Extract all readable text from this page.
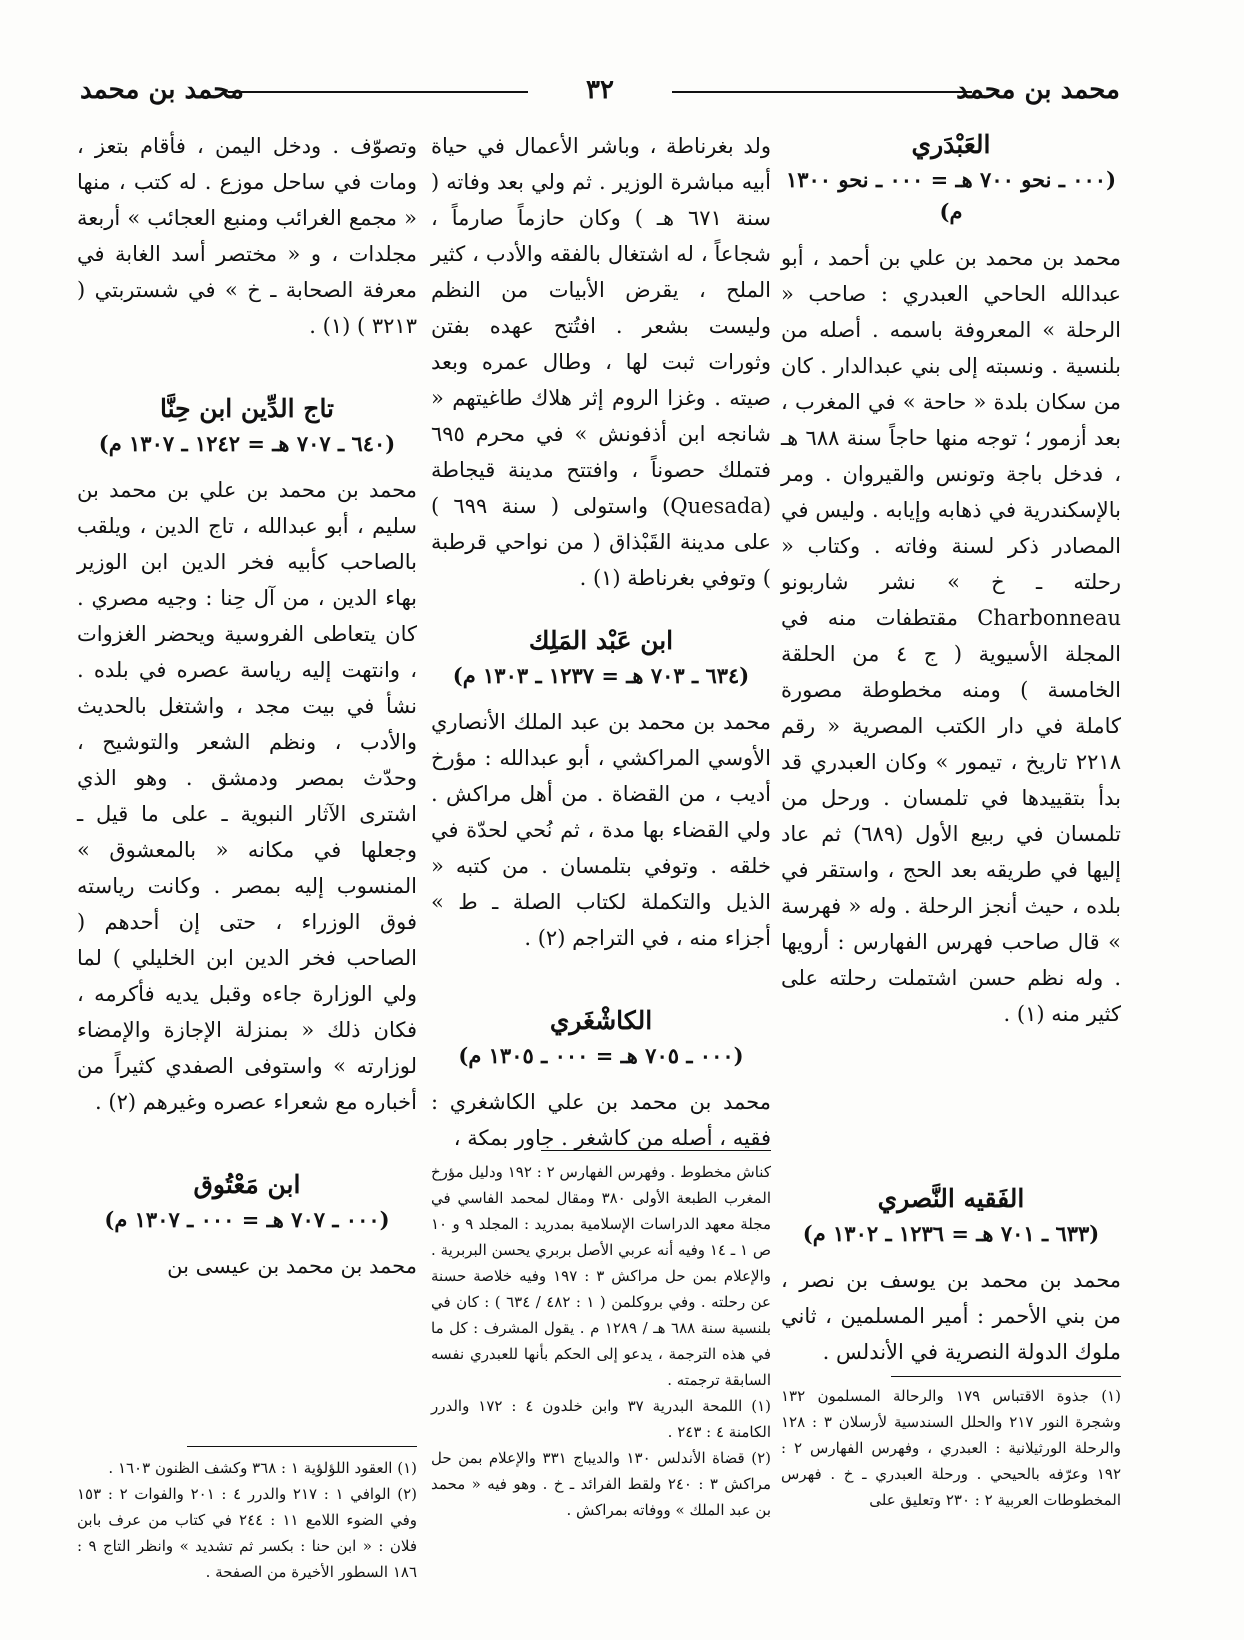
محمد بن محمد
٣٢
محمد بن محمد
العَبْدَري

(٠٠٠ ـ نحو ٧٠٠ هـ = ٠٠٠ ـ نحو ١٣٠٠ م)

محمد بن محمد بن علي بن أحمد ، أبو عبدالله الحاحي العبدري : صاحب « الرحلة » المعروفة باسمه . أصله من بلنسية . ونسبته إلى بني عبدالدار . كان من سكان بلدة « حاحة » في المغرب ، بعد أزمور ؛ توجه منها حاجاً سنة ٦٨٨ هـ ، فدخل باجة وتونس والقيروان . ومر بالإسكندرية في ذهابه وإيابه . وليس في المصادر ذكر لسنة وفاته . وكتاب « رحلته ـ خ » نشر شاربونو Charbonneau مقتطفات منه في المجلة الأسيوية ( ج ٤ من الحلقة الخامسة ) ومنه مخطوطة مصورة كاملة في دار الكتب المصرية « رقم ٢٢١٨ تاريخ ، تيمور » وكان العبدري قد بدأ بتقييدها في تلمسان . ورحل من تلمسان في ربيع الأول (٦٨٩) ثم عاد إليها في طريقه بعد الحج ، واستقر في بلده ، حيث أنجز الرحلة . وله « فهرسة » قال صاحب فهرس الفهارس : أرويها . وله نظم حسن اشتملت رحلته على كثير منه (١) .

الفَقيه النَّصري

(٦٣٣ ـ ٧٠١ هـ = ١٢٣٦ ـ ١٣٠٢ م)

محمد بن محمد بن يوسف بن نصر ، من بني الأحمر : أمير المسلمين ، ثاني ملوك الدولة النصرية في الأندلس .

(١) جذوة الاقتباس ١٧٩ والرحالة المسلمون ١٣٢ وشجرة النور ٢١٧ والحلل السندسية لأرسلان ٣ : ١٢٨ والرحلة الورثيلانية : العبدري ، وفهرس الفهارس ٢ : ١٩٢ وعرّفه بالحيحي . ورحلة العبدري ـ خ . فهرس المخطوطات العربية ٢ : ٢٣٠ وتعليق على

ولد بغرناطة ، وباشر الأعمال في حياة أبيه مباشرة الوزير . ثم ولي بعد وفاته ( سنة ٦٧١ هـ ) وكان حازماً صارماً ، شجاعاً ، له اشتغال بالفقه والأدب ، كثير الملح ، يقرض الأبيات من النظم وليست بشعر . افتُتح عهده بفتن وثورات ثبت لها ، وطال عمره وبعد صيته . وغزا الروم إثر هلاك طاغيتهم « شانجه ابن أذفونش » في محرم ٦٩٥ فتملك حصوناً ، وافتتح مدينة قيجاطة (Quesada) واستولى ( سنة ٦٩٩ ) على مدينة القَبْذاق ( من نواحي قرطبة ) وتوفي بغرناطة (١) .

ابن عَبْد المَلِك

(٦٣٤ ـ ٧٠٣ هـ = ١٢٣٧ ـ ١٣٠٣ م)

محمد بن محمد بن عبد الملك الأنصاري الأوسي المراكشي ، أبو عبدالله : مؤرخ أديب ، من القضاة . من أهل مراكش . ولي القضاء بها مدة ، ثم نُحي لحدّة في خلقه . وتوفي بتلمسان . من كتبه « الذيل والتكملة لكتاب الصلة ـ ط » أجزاء منه ، في التراجم (٢) .

الكاشْغَري

(٠٠٠ ـ ٧٠٥ هـ = ٠٠٠ ـ ١٣٠٥ م)

محمد بن محمد بن علي الكاشغري : فقيه ، أصله من كاشغر . جاور بمكة ،

كناش مخطوط . وفهرس الفهارس ٢ : ١٩٢ ودليل مؤرخ المغرب الطبعة الأولى ٣٨٠ ومقال لمحمد الفاسي في مجلة معهد الدراسات الإسلامية بمدريد : المجلد ٩ و ١٠ ص ١ ـ ١٤ وفيه أنه عربي الأصل بربري يحسن البربرية . والإعلام بمن حل مراكش ٣ : ١٩٧ وفيه خلاصة حسنة عن رحلته . وفي بروكلمن ( ١ : ٤٨٢ / ٦٣٤ ) : كان في بلنسية سنة ٦٨٨ هـ / ١٢٨٩ م . يقول المشرف : كل ما في هذه الترجمة ، يدعو إلى الحكم بأنها للعبدري نفسه السابقة ترجمته .

(١) اللمحة البدرية ٣٧ وابن خلدون ٤ : ١٧٢ والدرر الكامنة ٤ : ٢٤٣ .

(٢) قضاة الأندلس ١٣٠ والديباج ٣٣١ والإعلام بمن حل مراكش ٣ : ٢٤٠ ولقط الفرائد ـ خ . وهو فيه « محمد بن عبد الملك » ووفاته بمراكش .

وتصوّف . ودخل اليمن ، فأقام بتعز ، ومات في ساحل موزع . له كتب ، منها « مجمع الغرائب ومنبع العجائب » أربعة مجلدات ، و « مختصر أسد الغابة في معرفة الصحابة ـ خ » في شستربتي ( ٣٢١٣ ) (١) .

تاج الدِّين ابن حِنَّا

(٦٤٠ ـ ٧٠٧ هـ = ١٢٤٢ ـ ١٣٠٧ م)

محمد بن محمد بن علي بن محمد بن سليم ، أبو عبدالله ، تاج الدين ، ويلقب بالصاحب كأبيه فخر الدين ابن الوزير بهاء الدين ، من آل حِنا : وجيه مصري . كان يتعاطى الفروسية ويحضر الغزوات ، وانتهت إليه رياسة عصره في بلده . نشأ في بيت مجد ، واشتغل بالحديث والأدب ، ونظم الشعر والتوشيح ، وحدّث بمصر ودمشق . وهو الذي اشترى الآثار النبوية ـ على ما قيل ـ وجعلها في مكانه « بالمعشوق » المنسوب إليه بمصر . وكانت رياسته فوق الوزراء ، حتى إن أحدهم ( الصاحب فخر الدين ابن الخليلي ) لما ولي الوزارة جاءه وقبل يديه فأكرمه ، فكان ذلك « بمنزلة الإجازة والإمضاء لوزارته » واستوفى الصفدي كثيراً من أخباره مع شعراء عصره وغيرهم (٢) .

ابن مَعْتُوق

(٠٠٠ ـ ٧٠٧ هـ = ٠٠٠ ـ ١٣٠٧ م)

محمد بن محمد بن عيسى بن

(١) العقود اللؤلؤية ١ : ٣٦٨ وكشف الظنون ١٦٠٣ .

(٢) الوافي ١ : ٢١٧ والدرر ٤ : ٢٠١ والفوات ٢ : ١٥٣ وفي الضوء اللامع ١١ : ٢٤٤ في كتاب من عرف بابن فلان : « ابن حنا : بكسر ثم تشديد » وانظر التاج ٩ : ١٨٦ السطور الأخيرة من الصفحة .
